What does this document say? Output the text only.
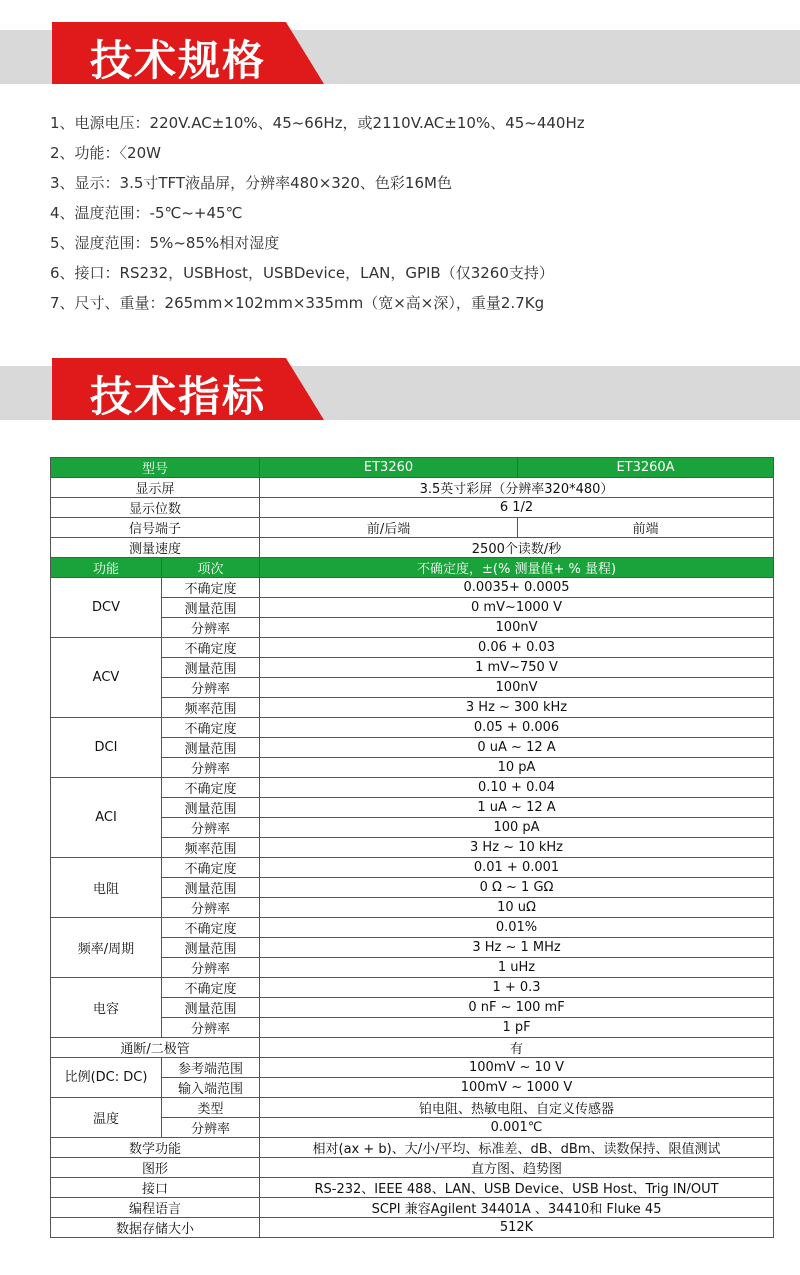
技术规格
1、电源电压：220V.AC±10%、45~66Hz，或2110V.AC±10%、45~440Hz
2、功能：〈20W
3、显示：3.5寸TFT液晶屏，分辨率480×320、色彩16M色
4、温度范围：-5℃~+45℃
5、湿度范围：5%~85%相对湿度
6、接口：RS232，USBHost，USBDevice，LAN，GPIB（仅3260支持）
7、尺寸、重量：265mm×102mm×335mm（宽×高×深），重量2.7Kg
技术指标
型号		ET3260	ET3260A
显示屏		3.5英寸彩屏（分辨率320*480）	
显示位数		6 1/2	
信号端子		前/后端	前端
测量速度		2500个读数/秒	
功能	项次	不确定度，±(% 测量值+ % 量程)	
DCV	不确定度	0.0035+ 0.0005	
	测量范围	0 mV~1000 V	
	分辨率	100nV	
ACV	不确定度	0.06 + 0.03	
	测量范围	1 mV~750 V	
	分辨率	100nV	
	频率范围	3 Hz ~ 300 kHz	
DCI	不确定度	0.05 + 0.006	
	测量范围	0 uA ~ 12 A	
	分辨率	10 pA	
ACI	不确定度	0.10 + 0.04	
	测量范围	1 uA ~ 12 A	
	分辨率	100 pA	
	频率范围	3 Hz ~ 10 kHz	
电阻	不确定度	0.01 + 0.001	
	测量范围	0 Ω ~ 1 GΩ	
	分辨率	10 uΩ	
频率/周期	不确定度	0.01%	
	测量范围	3 Hz ~ 1 MHz	
	分辨率	1 uHz	
电容	不确定度	1 + 0.3	
	测量范围	0 nF ~ 100 mF	
	分辨率	1 pF	
通断/二极管		有	
比例(DC: DC)	参考端范围	100mV ~ 10 V	
	输入端范围	100mV ~ 1000 V	
温度	类型	铂电阻、热敏电阻、自定义传感器	
	分辨率	0.001℃	
数学功能		相对(ax + b)、大/小/平均、标准差、dB、dBm、读数保持、限值测试	
图形		直方图、趋势图	
接口		RS-232、IEEE 488、LAN、USB Device、USB Host、Trig IN/OUT	
编程语言		SCPI 兼容Agilent 34401A 、34410和 Fluke 45	
数据存储大小		512K	
